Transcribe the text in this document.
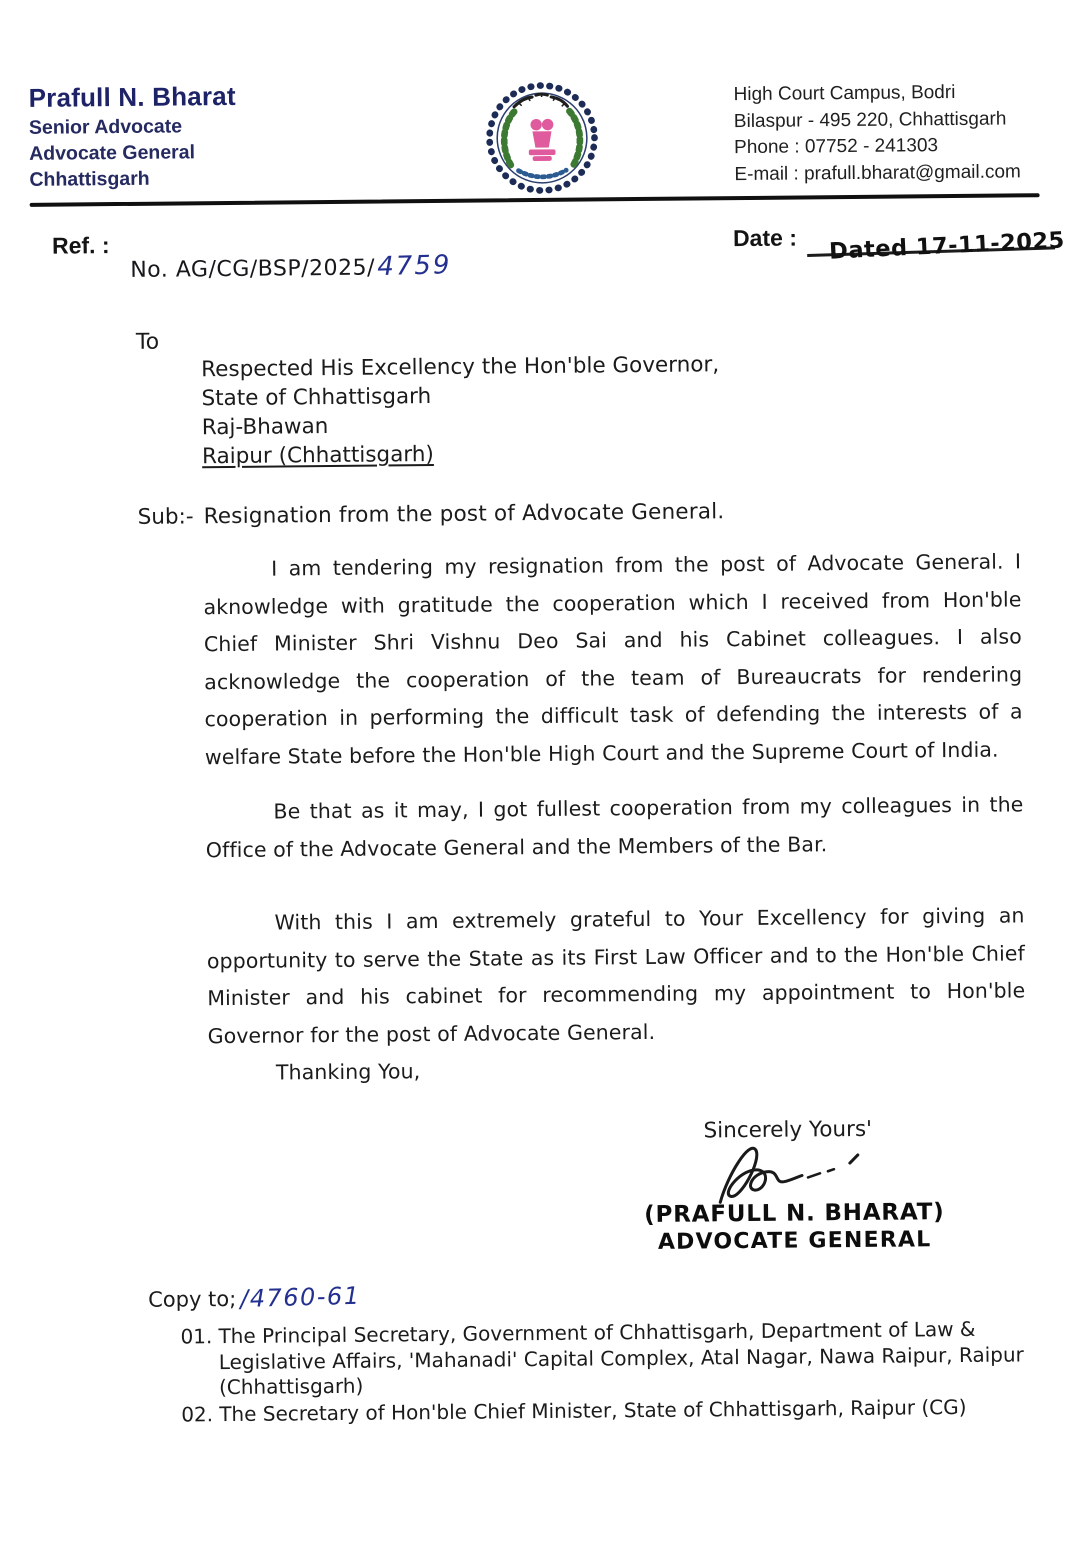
Prafull N. Bharat
Senior Advocate
Advocate General
Chhattisgarh
High Court Campus, Bodri
Bilaspur - 495 220, Chhattisgarh
Phone : 07752 - 241303
E-mail : prafull.bharat@gmail.com
Ref. :
No. AG/CG/BSP/2025/ 4759
Date : Dated 17-11-2025
To
Respected His Excellency the Hon'ble Governor,
State of Chhattisgarh
Raj-Bhawan
Raipur (Chhattisgarh)
Sub:- Resignation from the post of Advocate General.

I am tendering my resignation from the post of Advocate General. I aknowledge with gratitude the cooperation which I received from Hon'ble Chief Minister Shri Vishnu Deo Sai and his Cabinet colleagues. I also acknowledge the cooperation of the team of Bureaucrats for rendering cooperation in performing the difficult task of defending the interests of a welfare State before the Hon'ble High Court and the Supreme Court of India.

Be that as it may, I got fullest cooperation from my colleagues in the Office of the Advocate General and the Members of the Bar.

With this I am extremely grateful to Your Excellency for giving an opportunity to serve the State as its First Law Officer and to the Hon'ble Chief Minister and his cabinet for recommending my appointment to Hon'ble Governor for the post of Advocate General.

Thanking You,

Sincerely Yours'
(PRAFULL N. BHARAT)
ADVOCATE GENERAL
Copy to; /4760-61
01. The Principal Secretary, Government of Chhattisgarh, Department of Law & Legislative Affairs, 'Mahanadi' Capital Complex, Atal Nagar, Nawa Raipur, Raipur (Chhattisgarh)
02. The Secretary of Hon'ble Chief Minister, State of Chhattisgarh, Raipur (CG)
